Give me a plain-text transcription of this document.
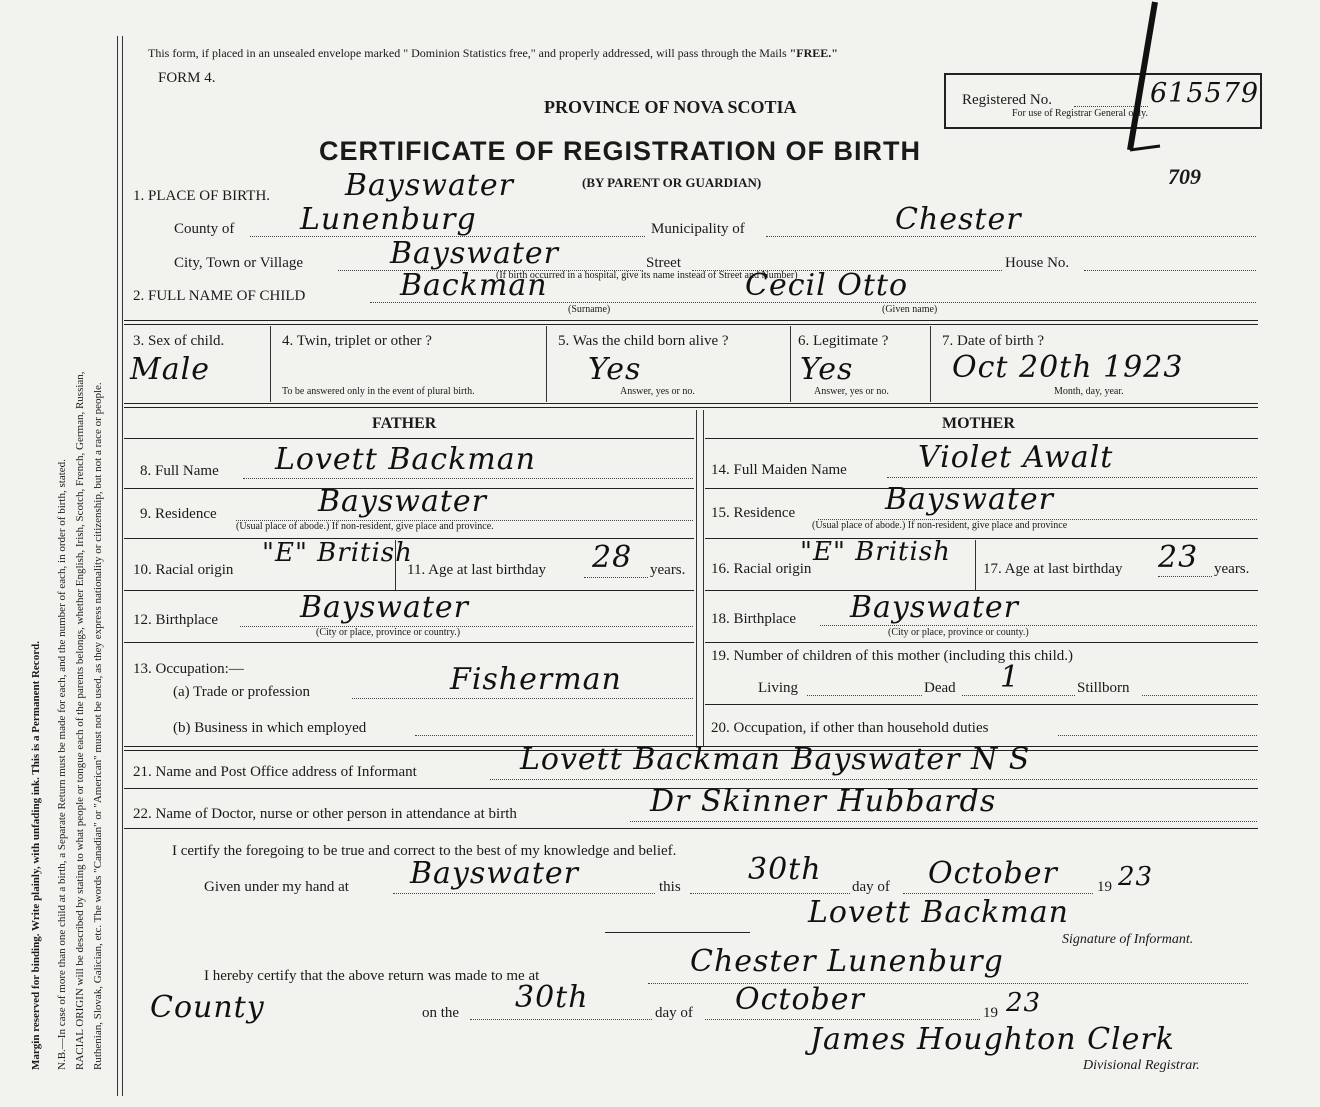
Margin reserved for binding. Write plainly, with unfading ink. This is a Permanent Record. N.B.—In case of more than one child at a birth, a Separate Return must be made for each, and the number of each, in order of birth, stated. RACIAL ORIGIN will be described by stating to what people or tongue each of the parents belongs, whether English, Irish, Scotch, French, German, Russian, Ruthenian, Slovak, Galician, etc. The words "Canadian" or "American" must not be used, as they express nationality or citizenship, but not a race or people.
This form, if placed in an unsealed envelope marked " Dominion Statistics free," and properly addressed, will pass through the Mails "FREE."
FORM 4.
PROVINCE OF NOVA SCOTIA
CERTIFICATE OF REGISTRATION OF BIRTH
(BY PARENT OR GUARDIAN)
Registered No.	615579
For use of Registrar General only.
709
1. PLACE OF BIRTH. Bayswater
County of Lunenburg	Municipality of	Chester
City, Town or Village	Bayswater	Street	House No.
(If birth occurred in a hospital, give its name instead of Street and Number)
2. FULL NAME OF CHILD	Backman	Cecil Otto
(Surname)	(Given name)
3. Sex of child.
Male
4. Twin, triplet or other ?
To be answered only in the event of plural birth.
5. Was the child born alive ?
Yes
Answer, yes or no.
6. Legitimate ?
Yes
Answer, yes or no.
7. Date of birth ?
Oct 20th 1923
Month, day, year.
FATHER	MOTHER
8. Full Name Lovett Backman
9. Residence	Bayswater
(Usual place of abode.) If non-resident, give place and province.
10. Racial origin
"E" British
11. Age at last birthday 28 years.
12. Birthplace	Bayswater
(City or place, province or country.)
13. Occupation:—
(a) Trade or profession	Fisherman
(b) Business in which employed
14. Full Maiden Name Violet Awalt
15. Residence	Bayswater
(Usual place of abode.) If non-resident, give place and province
16. Racial origin
"E" British
17. Age at last birthday 23 years.
18. Birthplace Bayswater
(City or place, province or county.)
19. Number of children of this mother (including this child.)
Living	Dead 1	Stillborn
20. Occupation, if other than household duties
21. Name and Post Office address of Informant	Lovett Backman Bayswater N S
22. Name of Doctor, nurse or other person in attendance at birth	Dr Skinner Hubbards
I certify the foregoing to be true and correct to the best of my knowledge and belief.
Given under my hand at Bayswater	this 30th day of October	19 23
Lovett Backman
Signature of Informant.
I hereby certify that the above return was made to me at	Chester Lunenburg
County	on the 30th	day of October	19 23
James Houghton Clerk
Divisional Registrar.
